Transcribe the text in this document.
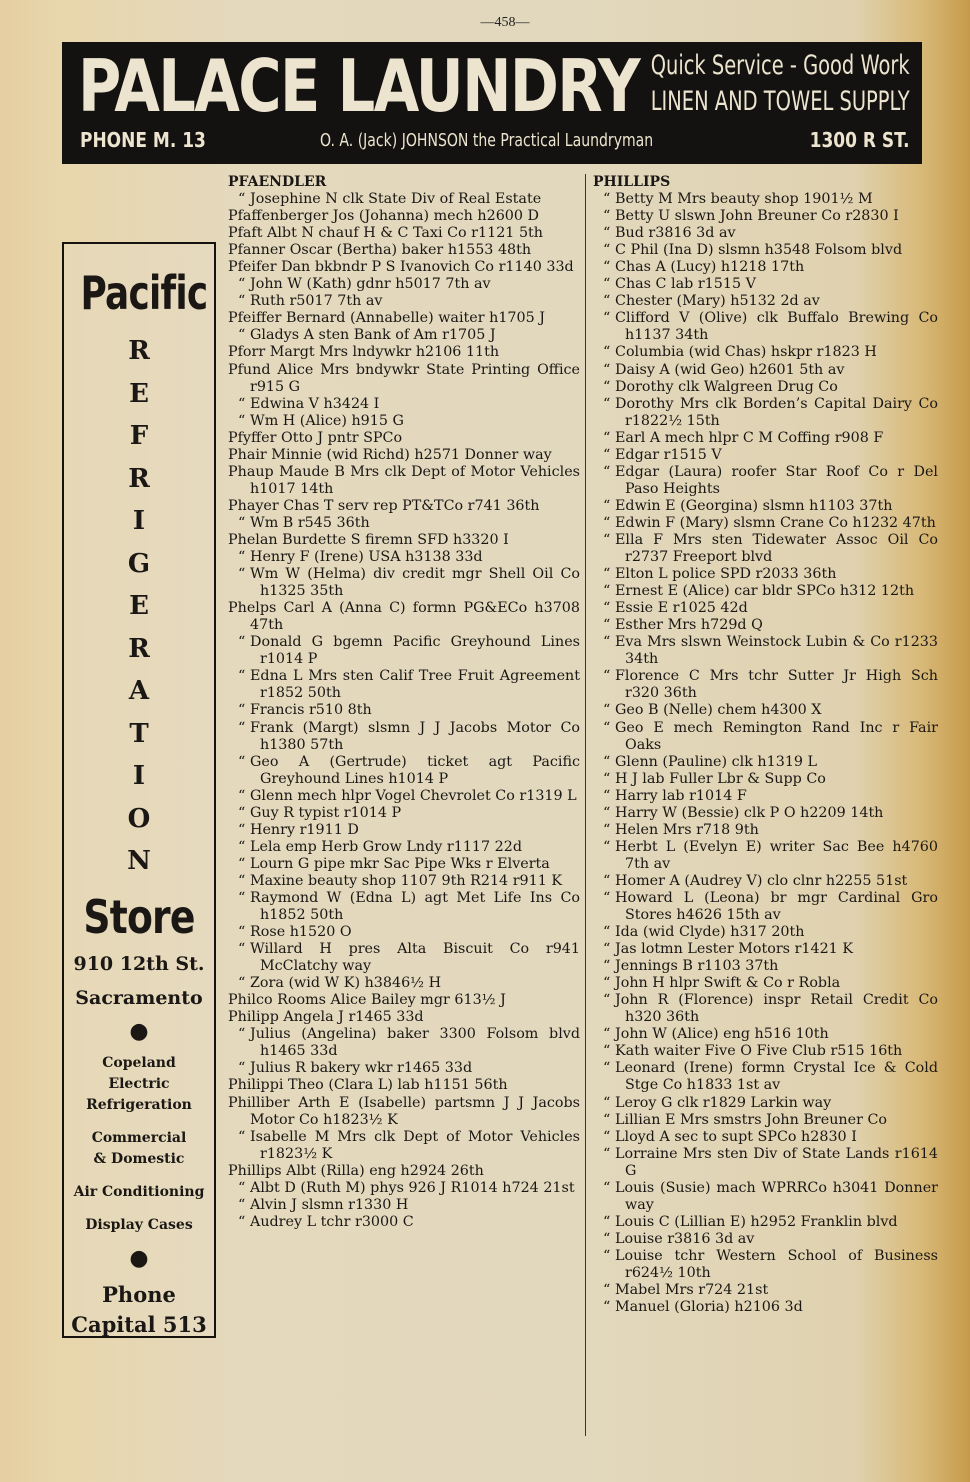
—458—
PALACE LAUNDRY Quick Service - Good Work
LINEN AND TOWEL SUPPLY
PHONE M. 13	O. A. (Jack) JOHNSON the Practical Laundryman	1300 R ST.
Pacific
R
E
F
R
I
G
E
R
A
T
I
O
N
Store
910 12th St.
Sacramento
●
Copeland
Electric
Refrigeration
Commercial
& Domestic
Air Conditioning
Display Cases
●
Phone
Capital 513
PFAENDLER
“ Josephine N clk State Div of Real Estate
Pfaffenberger Jos (Johanna) mech h2600 D
Pfaft Albt N chauf H & C Taxi Co r1121 5th
Pfanner Oscar (Bertha) baker h1553 48th
Pfeifer Dan bkbndr P S Ivanovich Co r1140 33d
“ John W (Kath) gdnr h5017 7th av
“ Ruth r5017 7th av
Pfeiffer Bernard (Annabelle) waiter h1705 J
“ Gladys A sten Bank of Am r1705 J
Pforr Margt Mrs lndywkr h2106 11th
Pfund Alice Mrs bndywkr State Printing Office r915 G
“ Edwina V h3424 I
“ Wm H (Alice) h915 G
Pfyffer Otto J pntr SPCo
Phair Minnie (wid Richd) h2571 Donner way
Phaup Maude B Mrs clk Dept of Motor Vehicles h1017 14th
Phayer Chas T serv rep PT&TCo r741 36th
“ Wm B r545 36th
Phelan Burdette S firemn SFD h3320 I
“ Henry F (Irene) USA h3138 33d
“ Wm W (Helma) div credit mgr Shell Oil Co h1325 35th
Phelps Carl A (Anna C) formn PG&ECo h3708 47th
“ Donald G bgemn Pacific Greyhound Lines r1014 P
“ Edna L Mrs sten Calif Tree Fruit Agreement r1852 50th
“ Francis r510 8th
“ Frank (Margt) slsmn J J Jacobs Motor Co h1380 57th
“ Geo A (Gertrude) ticket agt Pacific Greyhound Lines h1014 P
“ Glenn mech hlpr Vogel Chevrolet Co r1319 L
“ Guy R typist r1014 P
“ Henry r1911 D
“ Lela emp Herb Grow Lndy r1117 22d
“ Lourn G pipe mkr Sac Pipe Wks r Elverta
“ Maxine beauty shop 1107 9th R214 r911 K
“ Raymond W (Edna L) agt Met Life Ins Co h1852 50th
“ Rose h1520 O
“ Willard H pres Alta Biscuit Co r941 McClatchy way
“ Zora (wid W K) h3846½ H
Philco Rooms Alice Bailey mgr 613½ J
Philipp Angela J r1465 33d
“ Julius (Angelina) baker 3300 Folsom blvd h1465 33d
“ Julius R bakery wkr r1465 33d
Philippi Theo (Clara L) lab h1151 56th
Philliber Arth E (Isabelle) partsmn J J Jacobs Motor Co h1823½ K
“ Isabelle M Mrs clk Dept of Motor Vehicles r1823½ K
Phillips Albt (Rilla) eng h2924 26th
“ Albt D (Ruth M) phys 926 J R1014 h724 21st
“ Alvin J slsmn r1330 H
“ Audrey L tchr r3000 C
PHILLIPS
“ Betty M Mrs beauty shop 1901½ M
“ Betty U slswn John Breuner Co r2830 I
“ Bud r3816 3d av
“ C Phil (Ina D) slsmn h3548 Folsom blvd
“ Chas A (Lucy) h1218 17th
“ Chas C lab r1515 V
“ Chester (Mary) h5132 2d av
“ Clifford V (Olive) clk Buffalo Brewing Co h1137 34th
“ Columbia (wid Chas) hskpr r1823 H
“ Daisy A (wid Geo) h2601 5th av
“ Dorothy clk Walgreen Drug Co
“ Dorothy Mrs clk Borden’s Capital Dairy Co r1822½ 15th
“ Earl A mech hlpr C M Coffing r908 F
“ Edgar r1515 V
“ Edgar (Laura) roofer Star Roof Co r Del Paso Heights
“ Edwin E (Georgina) slsmn h1103 37th
“ Edwin F (Mary) slsmn Crane Co h1232 47th
“ Ella F Mrs sten Tidewater Assoc Oil Co r2737 Freeport blvd
“ Elton L police SPD r2033 36th
“ Ernest E (Alice) car bldr SPCo h312 12th
“ Essie E r1025 42d
“ Esther Mrs h729d Q
“ Eva Mrs slswn Weinstock Lubin & Co r1233 34th
“ Florence C Mrs tchr Sutter Jr High Sch r320 36th
“ Geo B (Nelle) chem h4300 X
“ Geo E mech Remington Rand Inc r Fair Oaks
“ Glenn (Pauline) clk h1319 L
“ H J lab Fuller Lbr & Supp Co
“ Harry lab r1014 F
“ Harry W (Bessie) clk P O h2209 14th
“ Helen Mrs r718 9th
“ Herbt L (Evelyn E) writer Sac Bee h4760 7th av
“ Homer A (Audrey V) clo clnr h2255 51st
“ Howard L (Leona) br mgr Cardinal Gro Stores h4626 15th av
“ Ida (wid Clyde) h317 20th
“ Jas lotmn Lester Motors r1421 K
“ Jennings B r1103 37th
“ John H hlpr Swift & Co r Robla
“ John R (Florence) inspr Retail Credit Co h320 36th
“ John W (Alice) eng h516 10th
“ Kath waiter Five O Five Club r515 16th
“ Leonard (Irene) formn Crystal Ice & Cold Stge Co h1833 1st av
“ Leroy G clk r1829 Larkin way
“ Lillian E Mrs smstrs John Breuner Co
“ Lloyd A sec to supt SPCo h2830 I
“ Lorraine Mrs sten Div of State Lands r1614 G
“ Louis (Susie) mach WPRRCo h3041 Donner way
“ Louis C (Lillian E) h2952 Franklin blvd
“ Louise r3816 3d av
“ Louise tchr Western School of Business r624½ 10th
“ Mabel Mrs r724 21st
“ Manuel (Gloria) h2106 3d
